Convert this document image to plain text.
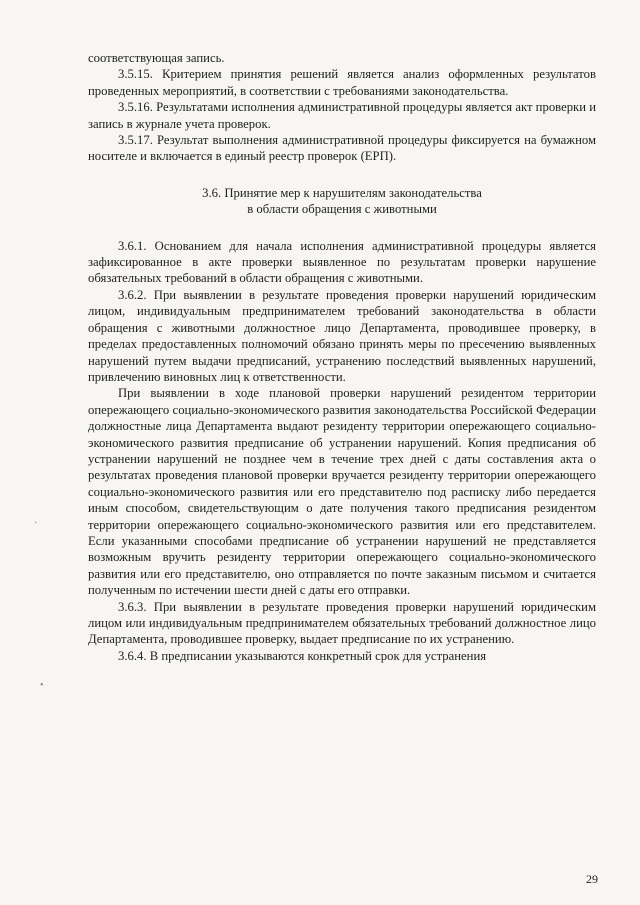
соответствующая запись.

3.5.15. Критерием принятия решений является анализ оформленных результатов проведенных мероприятий, в соответствии с требованиями законодательства.

3.5.16. Результатами исполнения административной процедуры является акт проверки и запись в журнале учета проверок.

3.5.17. Результат выполнения административной процедуры фиксируется на бумажном носителе и включается в единый реестр проверок (ЕРП).

3.6. Принятие мер к нарушителям законодательства

в области обращения с животными

3.6.1. Основанием для начала исполнения административной процедуры является зафиксированное в акте проверки выявленное по результатам проверки нарушение обязательных требований в области обращения с животными.

3.6.2. При выявлении в результате проведения проверки нарушений юридическим лицом, индивидуальным предпринимателем требований законодательства в области обращения с животными должностное лицо Департамента, проводившее проверку, в пределах предоставленных полномочий обязано принять меры по пресечению выявленных нарушений путем выдачи предписаний, устранению последствий выявленных нарушений, привлечению виновных лиц к ответственности.

При выявлении в ходе плановой проверки нарушений резидентом территории опережающего социально-экономического развития законодательства Российской Федерации должностные лица Департамента выдают резиденту территории опережающего социально-экономического развития предписание об устранении нарушений. Копия предписания об устранении нарушений не позднее чем в течение трех дней с даты составления акта о результатах проведения плановой проверки вручается резиденту территории опережающего социально-экономического развития или его представителю под расписку либо передается иным способом, свидетельствующим о дате получения такого предписания резидентом территории опережающего социально-экономического развития или его представителем. Если указанными способами предписание об устранении нарушений не представляется возможным вручить резиденту территории опережающего социально-экономического развития или его представителю, оно отправляется по почте заказным письмом и считается полученным по истечении шести дней с даты его отправки.

3.6.3. При выявлении в результате проведения проверки нарушений юридическим лицом или индивидуальным предпринимателем обязательных требований должностное лицо Департамента, проводившее проверку, выдает предписание по их устранению.

3.6.4. В предписании указываются конкретный срок для устранения

·
•
29
